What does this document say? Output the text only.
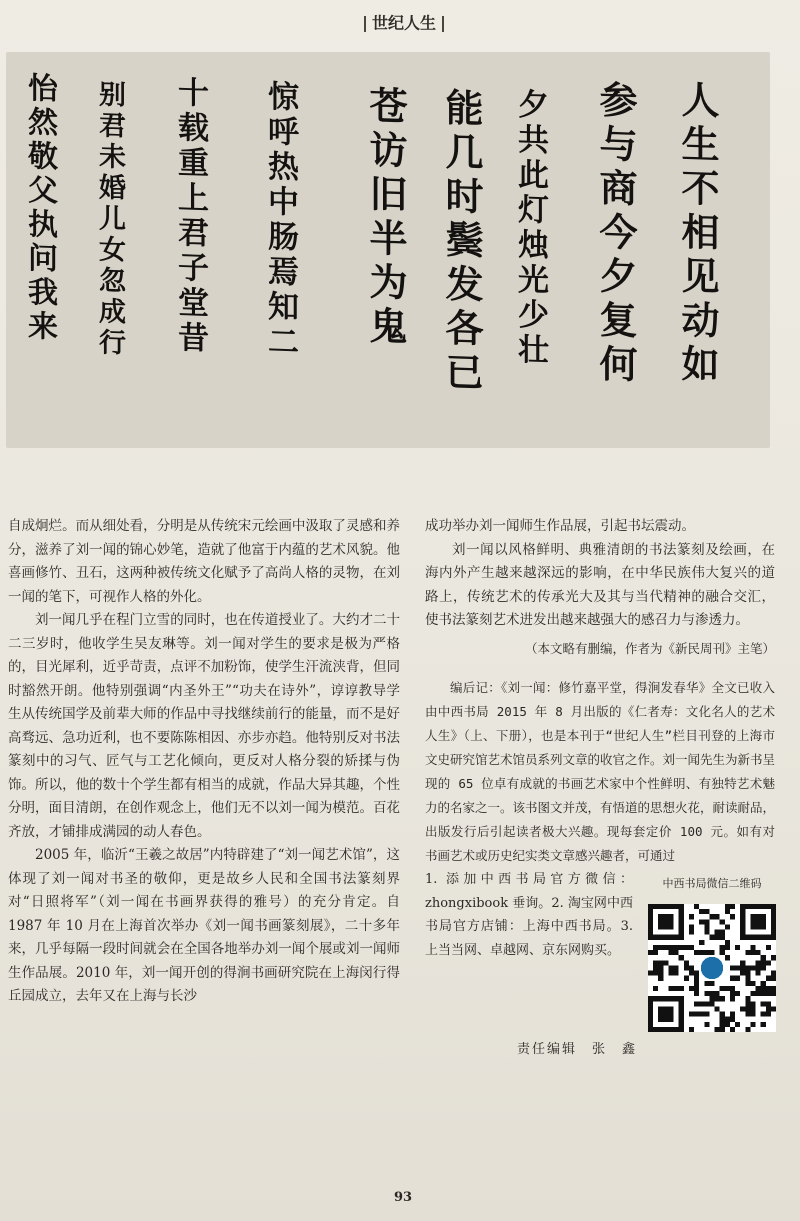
世纪人生
人生不相见动如
参与商今夕复何
夕共此灯烛光少壮
能几时鬓发各已
苍访旧半为鬼
惊呼热中肠焉知二
十载重上君子堂昔
别君未婚儿女忽成行
怡然敬父执问我来

自成炯烂。而从细处看，分明是从传统宋元绘画中汲取了灵感和养分，滋养了刘一闻的锦心妙笔，造就了他富于内蕴的艺术风貌。他喜画修竹、丑石，这两种被传统文化赋予了高尚人格的灵物，在刘一闻的笔下，可视作人格的外化。

刘一闻几乎在程门立雪的同时，也在传道授业了。大约才二十二三岁时，他收学生吴友琳等。刘一闻对学生的要求是极为严格的，目光犀利，近乎苛责，点评不加粉饰，使学生汗流浃背，但同时豁然开朗。他特别强调“内圣外王”“功夫在诗外”，谆谆教导学生从传统国学及前辈大师的作品中寻找继续前行的能量，而不是好高骛远、急功近利，也不要陈陈相因、亦步亦趋。他特别反对书法篆刻中的习气、匠气与工艺化倾向，更反对人格分裂的矫揉与伪饰。所以，他的数十个学生都有相当的成就，作品大异其趣，个性分明，面目清朗，在创作观念上，他们无不以刘一闻为模范。百花齐放，才铺排成满园的动人春色。

2005 年，临沂“王羲之故居”内特辟建了“刘一闻艺术馆”，这体现了刘一闻对书圣的敬仰，更是故乡人民和全国书法篆刻界对“日照将军”（刘一闻在书画界获得的雅号）的充分肯定。自 1987 年 10 月在上海首次举办《刘一闻书画篆刻展》，二十多年来，几乎每隔一段时间就会在全国各地举办刘一闻个展或刘一闻师生作品展。2010 年，刘一闻开创的得涧书画研究院在上海闵行得丘园成立，去年又在上海与长沙

成功举办刘一闻师生作品展，引起书坛震动。

刘一闻以风格鲜明、典雅清朗的书法篆刻及绘画，在海内外产生越来越深远的影响，在中华民族伟大复兴的道路上，传统艺术的传承光大及其与当代精神的融合交汇，使书法篆刻艺术进发出越来越强大的感召力与渗透力。

（本文略有删编，作者为《新民周刊》主笔）

编后记：《刘一闻：修竹嘉平堂，得涧发春华》全文已收入由中西书局 2015 年 8 月出版的《仁者寿：文化名人的艺术人生》（上、下册），也是本刊于“世纪人生”栏目刊登的上海市文史研究馆艺术馆员系列文章的收官之作。刘一闻先生为新书呈现的 65 位卓有成就的书画艺术家中个性鲜明、有独特艺术魅力的名家之一。该书图文并茂，有悟道的思想火花，耐读耐品，出版发行后引起读者极大兴趣。现每套定价 100 元。如有对书画艺术或历史纪实类文章感兴趣者，可通过

1. 添加中西书局官方微信：zhongxibook 垂询。2. 淘宝网中西书局官方店铺：上海中西书局。3. 上当当网、卓越网、京东网购买。
中西书局微信二维码
责任编辑　张　鑫
93
